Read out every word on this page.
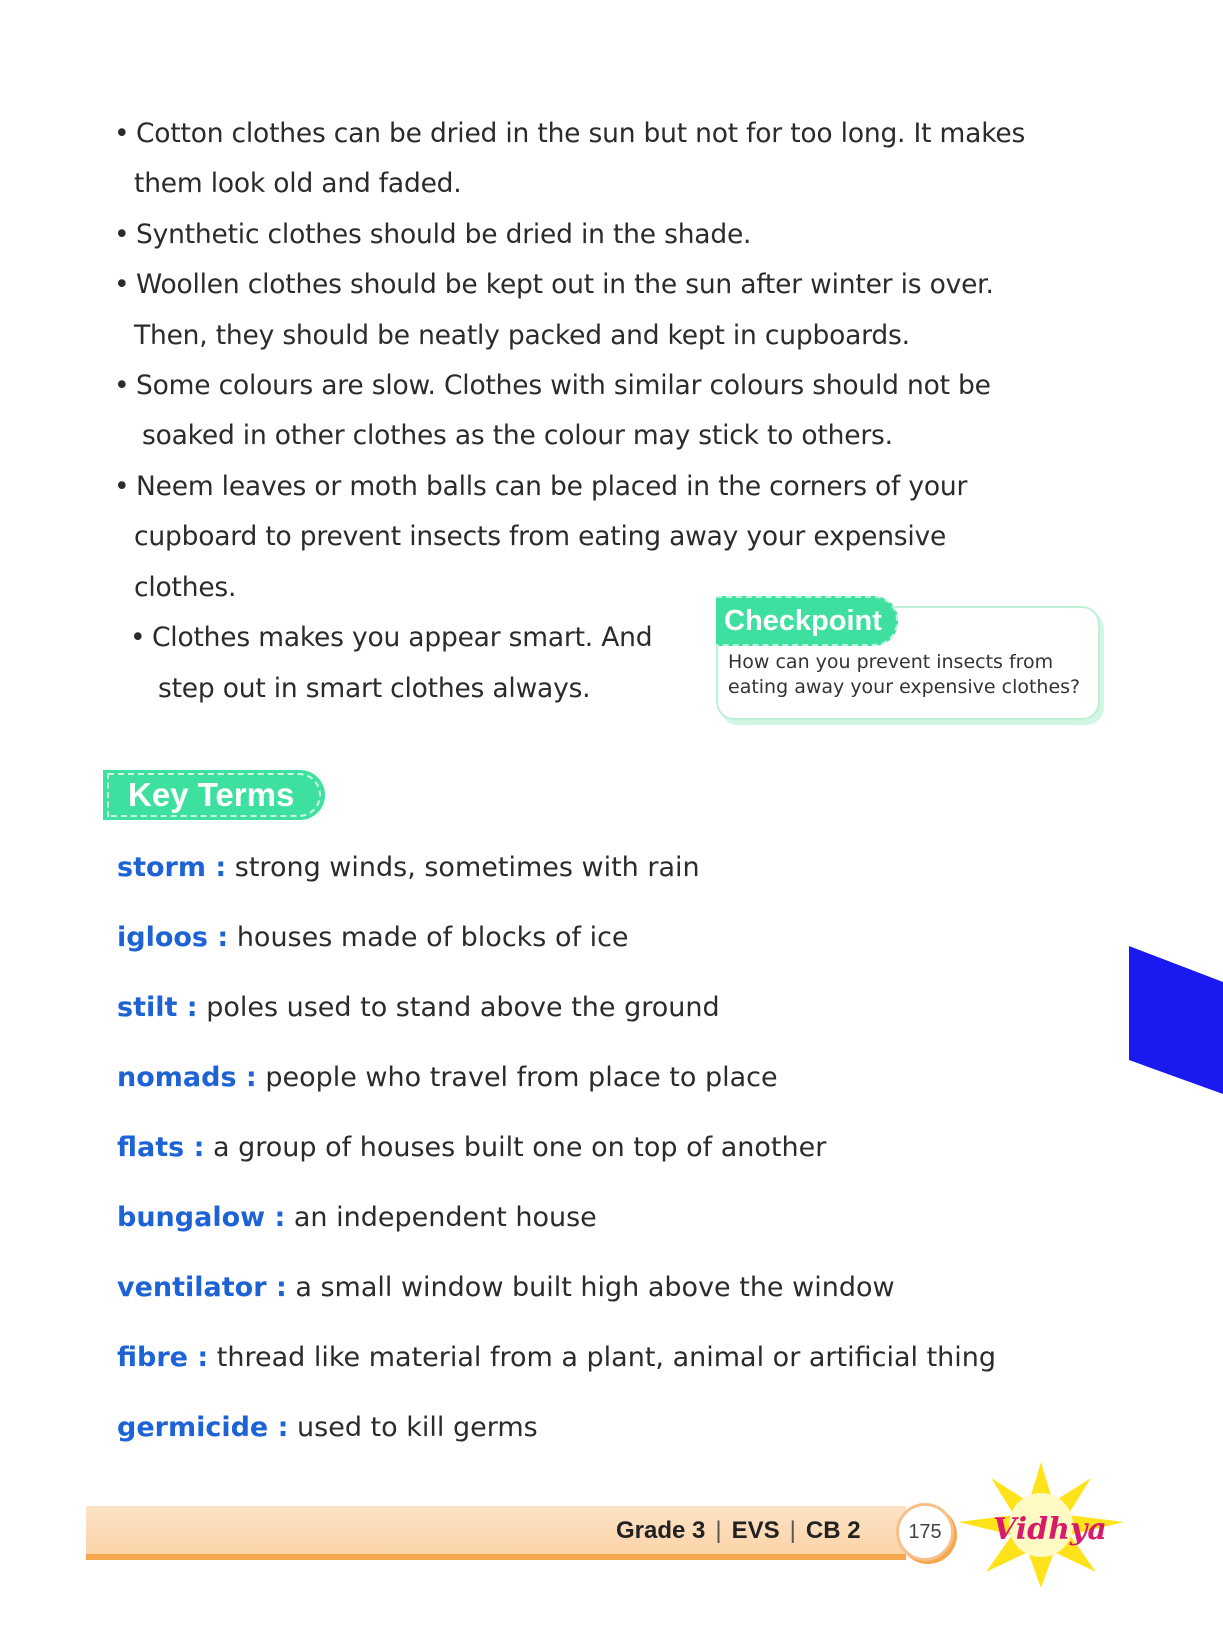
• Cotton clothes can be dried in the sun but not for too long. It makes
them look old and faded.
• Synthetic clothes should be dried in the shade.
• Woollen clothes should be kept out in the sun after winter is over.
Then, they should be neatly packed and kept in cupboards.
• Some colours are slow. Clothes with similar colours should not be
soaked in other clothes as the colour may stick to others.
• Neem leaves or moth balls can be placed in the corners of your
cupboard to prevent insects from eating away your expensive
clothes.
• Clothes makes you appear smart. And
step out in smart clothes always.
Checkpoint
How can you prevent insects from
eating away your expensive clothes?
Key Terms
storm : strong winds, sometimes with rain
igloos : houses made of blocks of ice
stilt : poles used to stand above the ground
nomads : people who travel from place to place
flats : a group of houses built one on top of another
bungalow : an independent house
ventilator : a small window built high above the window
fibre : thread like material from a plant, animal or artificial thing
germicide : used to kill germs
Grade 3 | EVS | CB 2	175	Vidhya
